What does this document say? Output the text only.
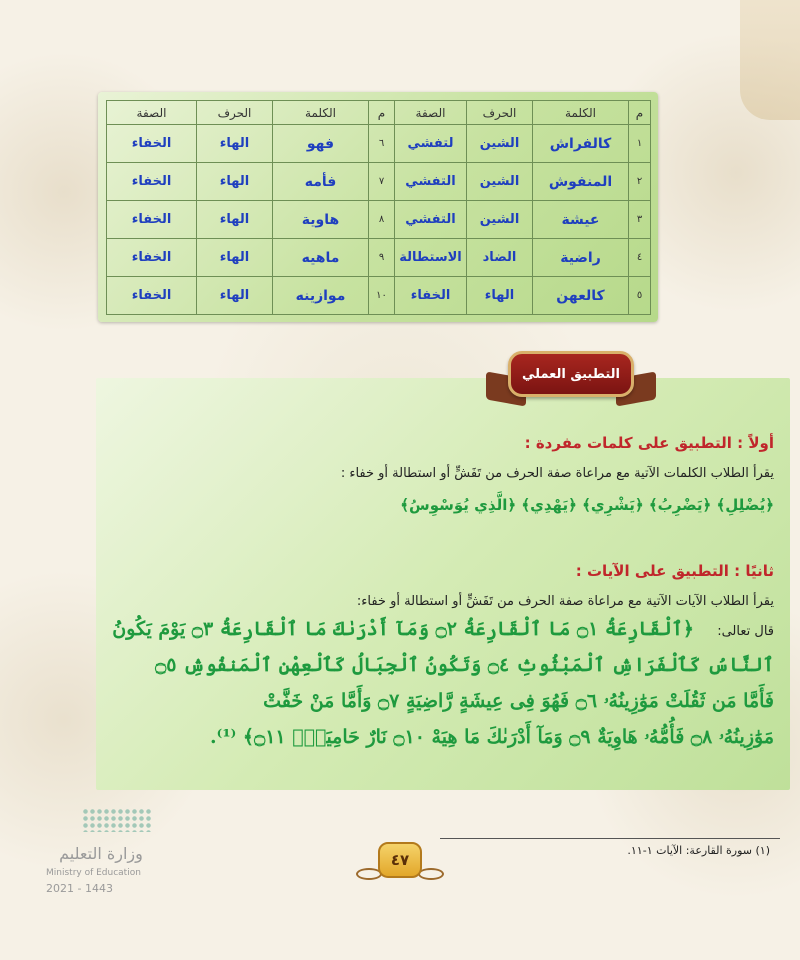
م	الكلمة	الحرف	الصفة	م	الكلمة	الحرف	الصفة
١	كالفراش	الشين	لتفشي	٦	فهو	الهاء	الخفاء
٢	المنفوش	الشين	التفشي	٧	فأمه	الهاء	الخفاء
٣	عيشة	الشين	التفشي	٨	هاوية	الهاء	الخفاء
٤	راضية	الضاد	الاستطالة	٩	ماهيه	الهاء	الخفاء
٥	كالعهن	الهاء	الخفاء	١٠	موازينه	الهاء	الخفاء
أولاً : التطبيق على كلمات مفردة :
يقرأ الطلاب الكلمات الآتية مع مراعاة صفة الحرف من تَفَشٍّ أو استطالة أو خفاء :
﴿يُضْلِلِ﴾ ﴿يَضْرِبُ﴾ ﴿يَشْرِي﴾ ﴿يَهْدِي﴾ ﴿الَّذِي يُوَسْوِسُ﴾
ثانيًا : التطبيق على الآيات :
يقرأ الطلاب الآيات الآتية مع مراعاة صفة الحرف من تَفَشٍّ أو استطالة أو خفاء:
قال تعالى:
﴿ٱلْقَارِعَةُ ۝١ مَا ٱلْقَارِعَةُ ۝٢ وَمَآ أَدْرَىٰكَ مَا ٱلْقَارِعَةُ ۝٣ يَوْمَ يَكُونُ
ٱلنَّاسُ كَٱلْفَرَاشِ ٱلْمَبْثُوثِ ۝٤ وَتَكُونُ ٱلْجِبَالُ كَٱلْعِهْنِ ٱلْمَنفُوشِ ۝٥
فَأَمَّا مَن ثَقُلَتْ مَوَٰزِينُهُۥ ۝٦ فَهُوَ فِى عِيشَةٍ رَّاضِيَةٍ ۝٧ وَأَمَّا مَنْ خَفَّتْ
مَوَٰزِينُهُۥ ۝٨ فَأُمُّهُۥ هَاوِيَةٌ ۝٩ وَمَآ أَدْرَىٰكَ مَا هِيَهْ ۝١٠ نَارٌ حَامِيَةٌۢ ۝١١﴾ ⁽¹⁾.
التطبيق العملي
(١) سورة القارعة: الآيات ١-١١.
٤٧
وزارة التعليم
Ministry of Education
2021 - 1443
